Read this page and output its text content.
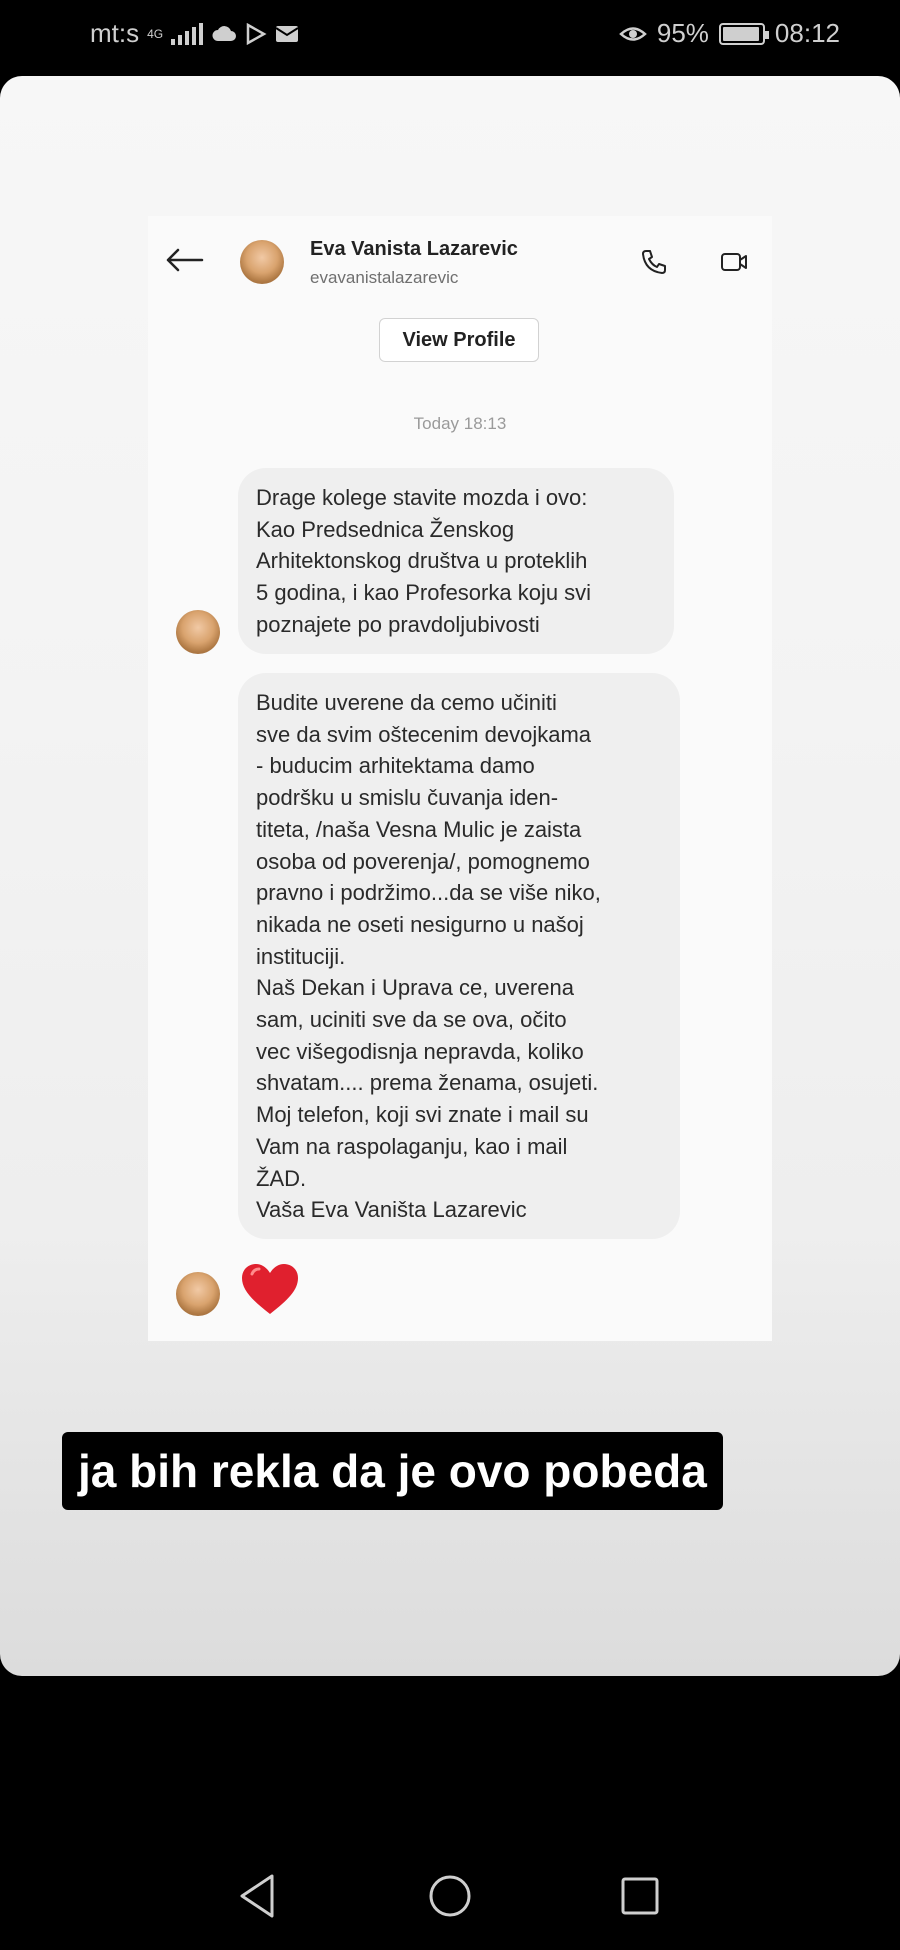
mt:s 4G	95%	08:12
Eva Vanista Lazarevic
evavanistalazarevic
View Profile
Today 18:13
Drage kolege stavite mozda i ovo:
Kao Predsednica Ženskog
Arhitektonskog društva u proteklih
5 godina, i kao Profesorka koju svi
poznajete po pravdoljubivosti
Budite uverene da cemo učiniti
sve da svim oštecenim devojkama
- buducim arhitektama damo
podršku u smislu čuvanja iden-
titeta, /naša Vesna Mulic je zaista
osoba od poverenja/, pomognemo
pravno i podržimo...da se više niko,
nikada ne oseti nesigurno u našoj
instituciji.
Naš Dekan i Uprava ce, uverena
sam, uciniti sve da se ova, očito
vec višegodisnja nepravda, koliko
shvatam.... prema ženama, osujeti.
Moj telefon, koji svi znate i mail su
Vam na raspolaganju, kao i mail
ŽAD.
Vaša Eva Vaništa Lazarevic
ja bih rekla da je ovo pobeda
